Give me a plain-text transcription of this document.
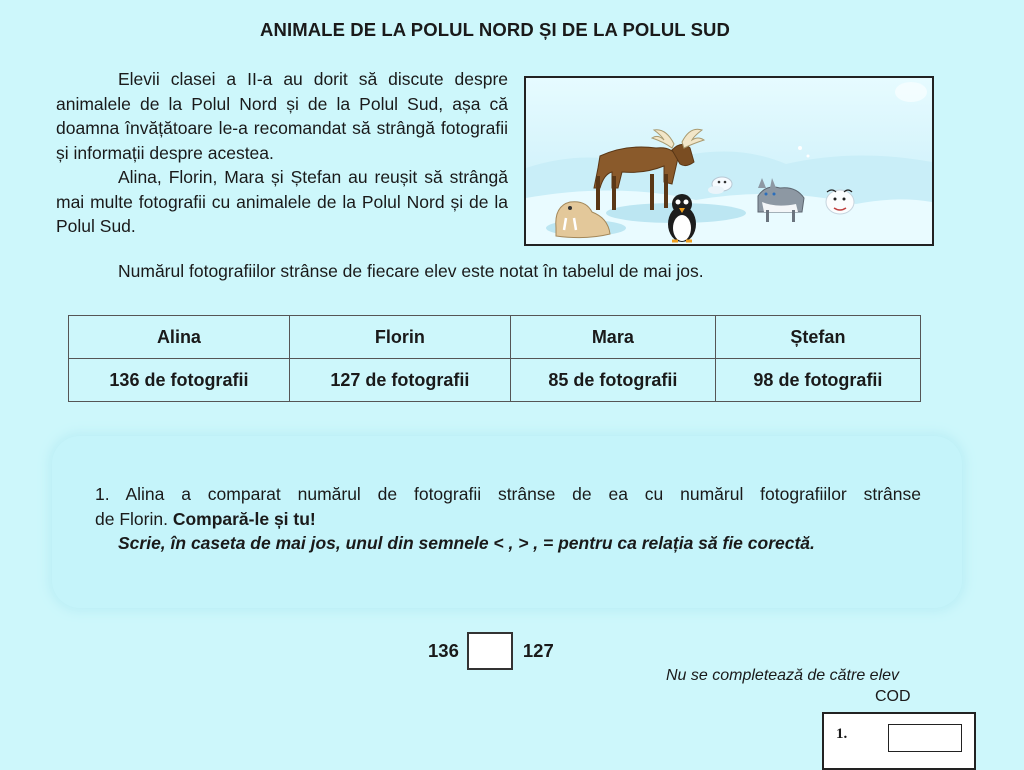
ANIMALE DE LA POLUL NORD ȘI DE LA POLUL SUD

Elevii clasei a II-a au dorit să discute despre animalele de la Polul Nord și de la Polul Sud, așa că doamna învățătoare le-a recomandat să strângă fotografii și informații despre acestea.

Alina, Florin, Mara și Ștefan au reușit să strângă mai multe fotografii cu animalele de la Polul Nord și de la Polul Sud.

Numărul fotografiilor strânse de fiecare elev este notat în tabelul de mai jos.
Alina	Florin	Mara	Ștefan
136 de fotografii	127 de fotografii	85 de fotografii	98 de fotografii
1. Alina a comparat numărul de fotografii strânse de ea cu numărul fotografiilor strânse
de Florin. Compară-le și tu!
Scrie, în caseta de mai jos, unul din semnele < , > , = pentru ca relația să fie corectă.
136	127
Nu se completează de către elev
COD
1.
